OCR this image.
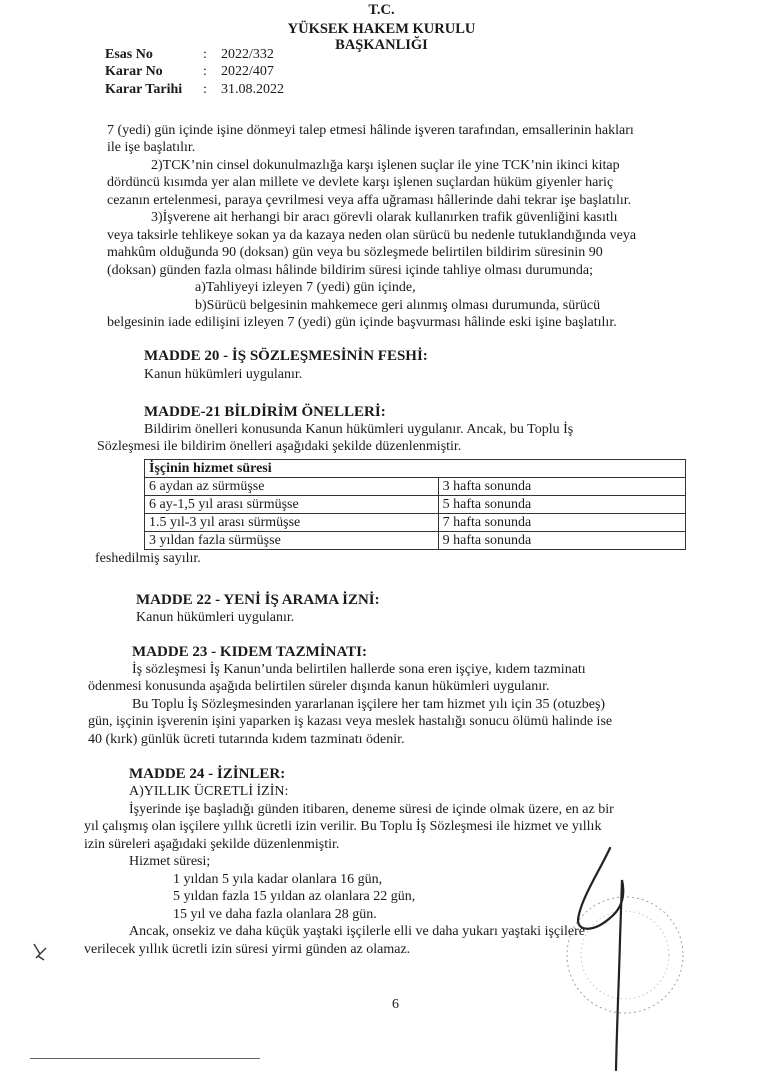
T.C.
YÜKSEK HAKEM KURULU
BAŞKANLIĞI
Esas No	: 2022/332
Karar No	: 2022/407
Karar Tarihi : 31.08.2022
7 (yedi) gün içinde işine dönmeyi talep etmesi hâlinde işveren tarafından, emsallerinin hakları
ile işe başlatılır.
2)TCK’nin cinsel dokunulmazlığa karşı işlenen suçlar ile yine TCK’nin ikinci kitap
dördüncü kısımda yer alan millete ve devlete karşı işlenen suçlardan hüküm giyenler hariç
cezanın ertelenmesi, paraya çevrilmesi veya affa uğraması hâllerinde dahi tekrar işe başlatılır.
3)İşverene ait herhangi bir aracı görevli olarak kullanırken trafik güvenliğini kasıtlı
veya taksirle tehlikeye sokan ya da kazaya neden olan sürücü bu nedenle tutuklandığında veya
mahkûm olduğunda 90 (doksan) gün veya bu sözleşmede belirtilen bildirim süresinin 90
(doksan) günden fazla olması hâlinde bildirim süresi içinde tahliye olması durumunda;
a)Tahliyeyi izleyen 7 (yedi) gün içinde,
b)Sürücü belgesinin mahkemece geri alınmış olması durumunda, sürücü
belgesinin iade edilişini izleyen 7 (yedi) gün içinde başvurması hâlinde eski işine başlatılır.
MADDE 20 - İŞ SÖZLEŞMESİNİN FESHİ:
Kanun hükümleri uygulanır.
MADDE-21 BİLDİRİM ÖNELLERİ:
Bildirim önelleri konusunda Kanun hükümleri uygulanır. Ancak, bu Toplu İş
Sözleşmesi ile bildirim önelleri aşağıdaki şekilde düzenlenmiştir.
İşçinin hizmet süresi	
6 aydan az sürmüşse	3 hafta sonunda
6 ay-1,5 yıl arası sürmüşse	5 hafta sonunda
1.5 yıl-3 yıl arası sürmüşse	7 hafta sonunda
3 yıldan fazla sürmüşse	9 hafta sonunda
feshedilmiş sayılır.
MADDE 22 - YENİ İŞ ARAMA İZNİ:
Kanun hükümleri uygulanır.
MADDE 23 - KIDEM TAZMİNATI:
İş sözleşmesi İş Kanun’unda belirtilen hallerde sona eren işçiye, kıdem tazminatı
ödenmesi konusunda aşağıda belirtilen süreler dışında kanun hükümleri uygulanır.
Bu Toplu İş Sözleşmesinden yararlanan işçilere her tam hizmet yılı için 35 (otuzbeş)
gün, işçinin işverenin işini yaparken iş kazası veya meslek hastalığı sonucu ölümü halinde ise
40 (kırk) günlük ücreti tutarında kıdem tazminatı ödenir.
MADDE 24 - İZİNLER:
A)YILLIK ÜCRETLİ İZİN:
İşyerinde işe başladığı günden itibaren, deneme süresi de içinde olmak üzere, en az bir
yıl çalışmış olan işçilere yıllık ücretli izin verilir. Bu Toplu İş Sözleşmesi ile hizmet ve yıllık
izin süreleri aşağıdaki şekilde düzenlenmiştir.
Hizmet süresi;
1 yıldan 5 yıla kadar olanlara 16 gün,
5 yıldan fazla 15 yıldan az olanlara 22 gün,
15 yıl ve daha fazla olanlara 28 gün.
Ancak, onsekiz ve daha küçük yaştaki işçilerle elli ve daha yukarı yaştaki işçilere
verilecek yıllık ücretli izin süresi yirmi günden az olamaz.
6
